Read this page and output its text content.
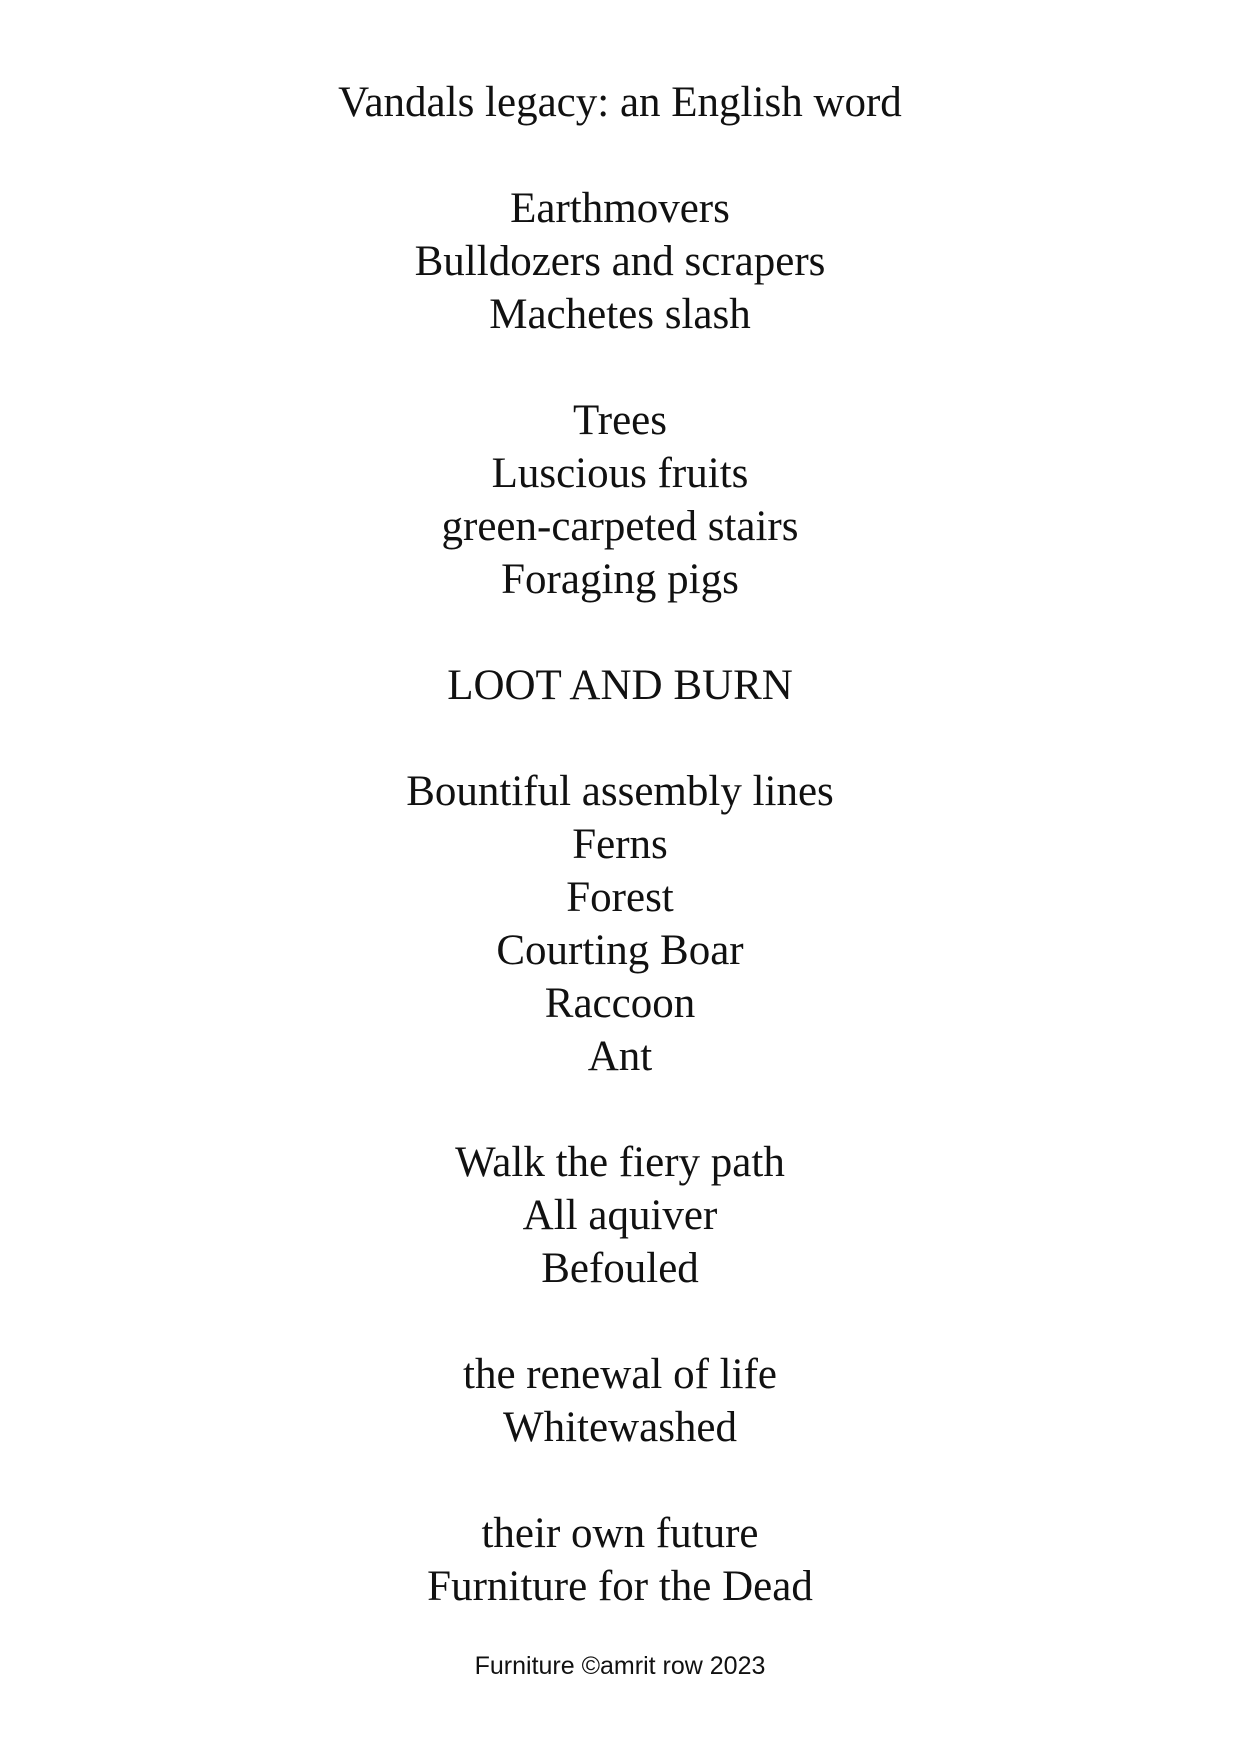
Vandals legacy: an English word
Earthmovers
Bulldozers and scrapers
Machetes slash
Trees
Luscious fruits
green-carpeted stairs
Foraging pigs
LOOT AND BURN
Bountiful assembly lines
Ferns
Forest
Courting Boar
Raccoon
Ant
Walk the fiery path
All aquiver
Befouled
the renewal of life
Whitewashed
their own future
Furniture for the Dead
Furniture ©amrit row 2023
